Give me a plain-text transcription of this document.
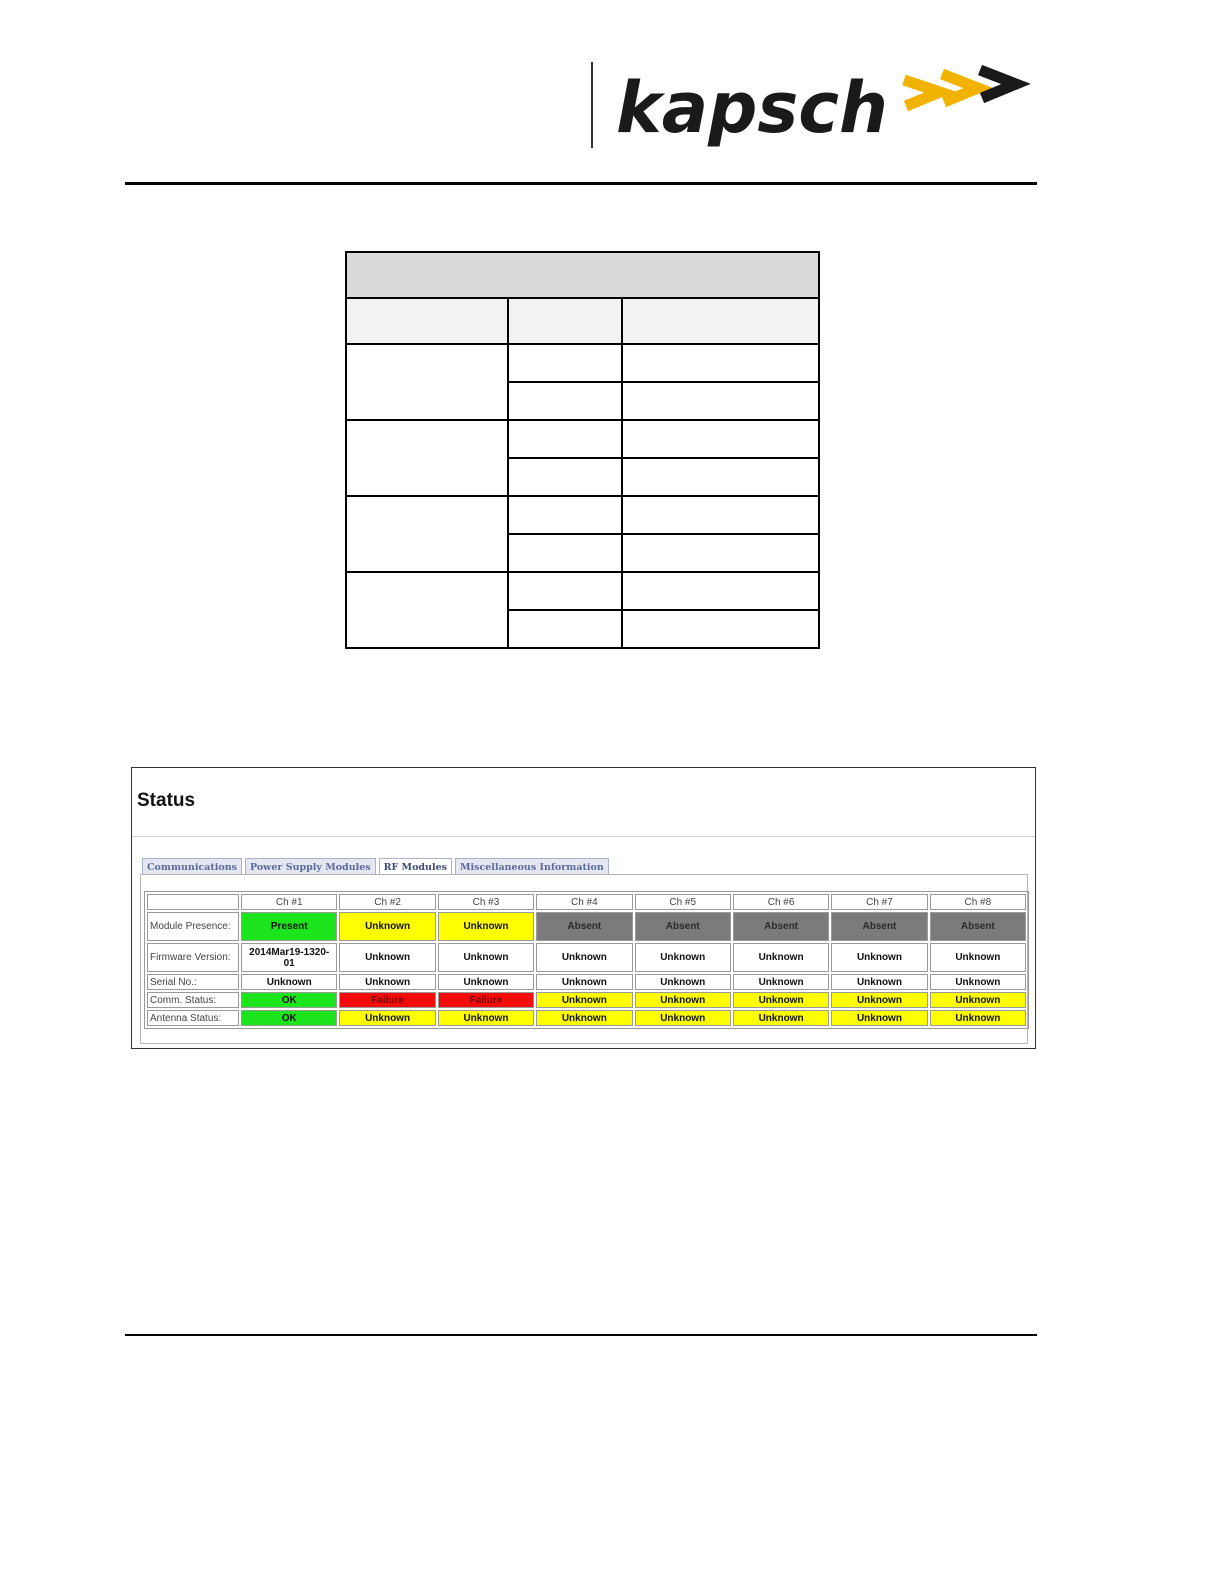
kapsch

Status
Communications	Power Supply Modules	RF Modules	Miscellaneous Information
	Ch #1	Ch #2	Ch #3	Ch #4	Ch #5	Ch #6	Ch #7	Ch #8
Module Presence:	Present	Unknown	Unknown	Absent	Absent	Absent	Absent	Absent
Firmware Version:	2014Mar19-1320-01	Unknown	Unknown	Unknown	Unknown	Unknown	Unknown	Unknown
Serial No.:	Unknown	Unknown	Unknown	Unknown	Unknown	Unknown	Unknown	Unknown
Comm. Status:	OK	Failure	Failure	Unknown	Unknown	Unknown	Unknown	Unknown
Antenna Status:	OK	Unknown	Unknown	Unknown	Unknown	Unknown	Unknown	Unknown
